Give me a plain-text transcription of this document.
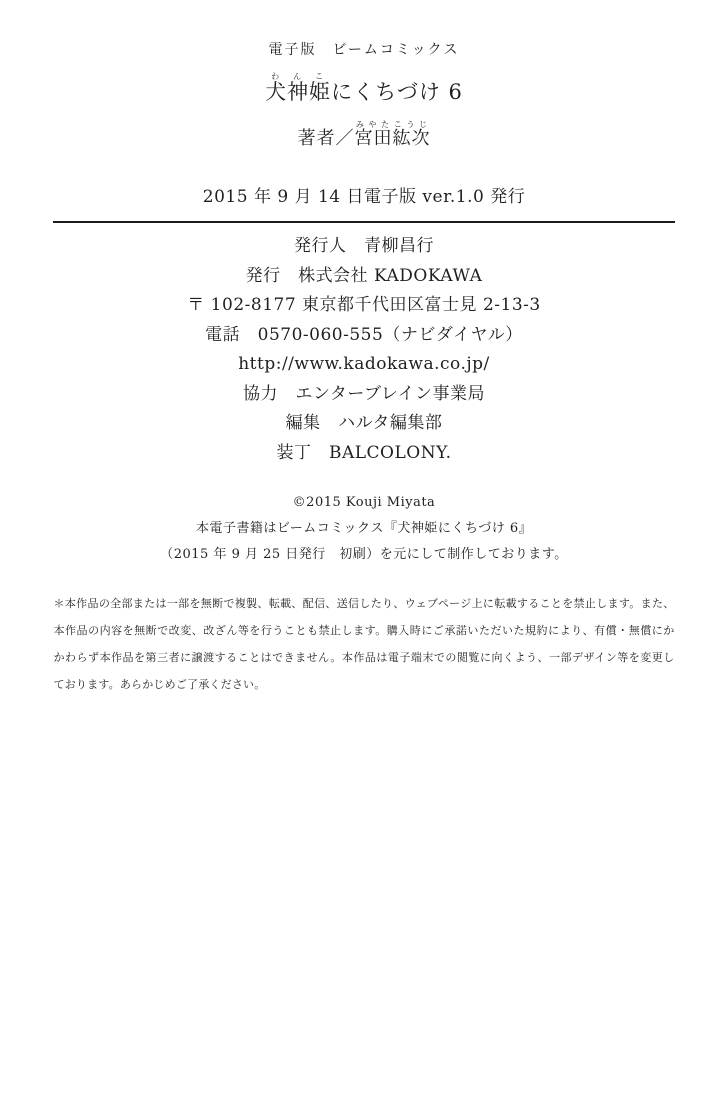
電子版　ビームコミックス
犬神姫わんこにくちづけ 6
著者／宮田紘次みやたこうじ
2015 年 9 月 14 日電子版 ver.1.0 発行
発行人　青柳昌行
発行　株式会社 KADOKAWA
〒 102-8177 東京都千代田区富士見 2-13-3
電話　0570-060-555（ナビダイヤル）
http://www.kadokawa.co.jp/
協力　エンターブレイン事業局
編集　ハルタ編集部
装丁　BALCOLONY.
©2015 Kouji Miyata
本電子書籍はビームコミックス『犬神姫にくちづけ 6』
（2015 年 9 月 25 日発行　初刷）を元にして制作しております。
＊本作品の全部または一部を無断で複製、転載、配信、送信したり、ウェブページ上に転載することを禁止します。また、
本作品の内容を無断で改変、改ざん等を行うことも禁止します。購入時にご承諾いただいた規約により、有償・無償にか
かわらず本作品を第三者に譲渡することはできません。本作品は電子端末での閲覧に向くよう、一部デザイン等を変更し
ております。あらかじめご了承ください。
